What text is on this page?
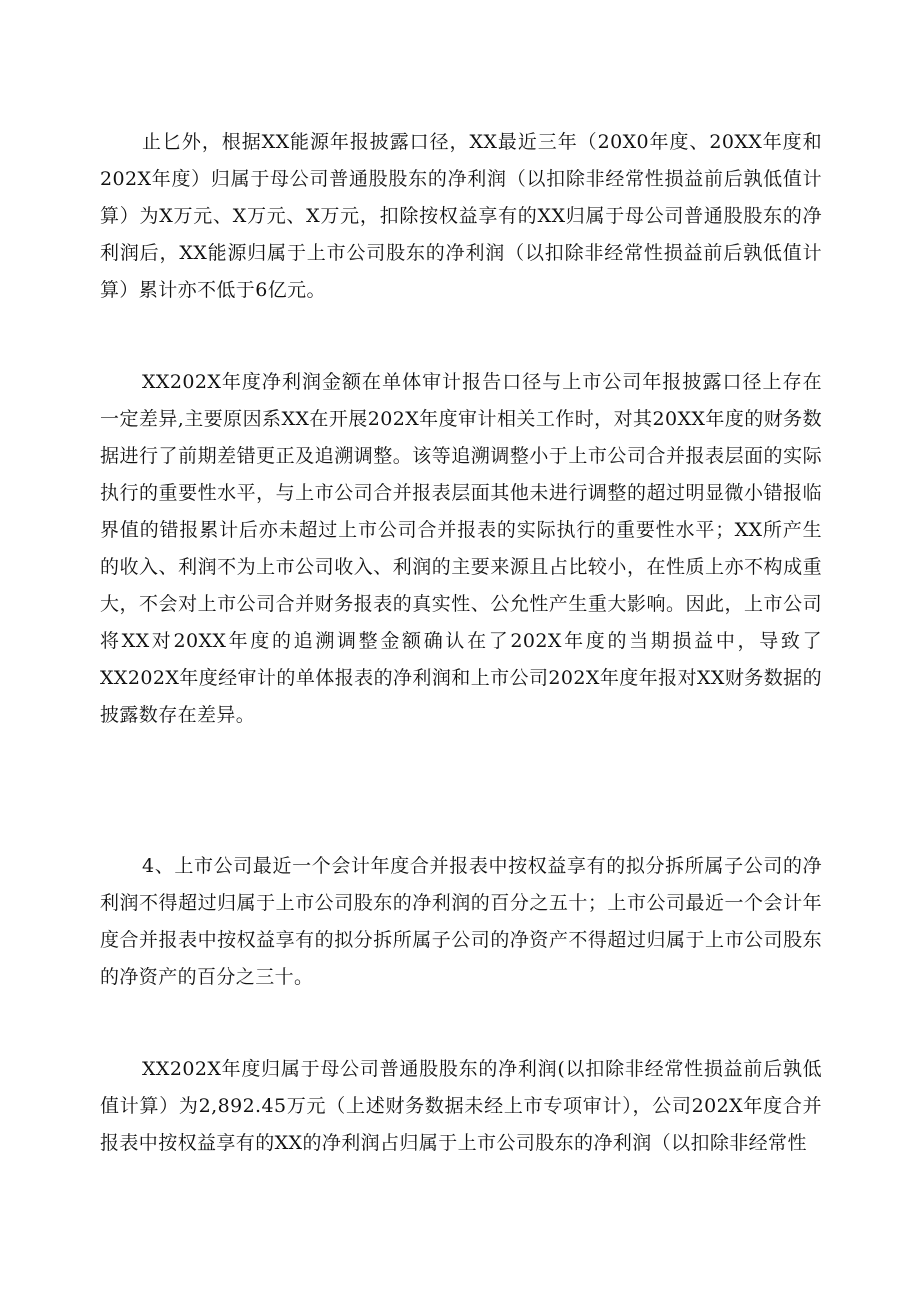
止匕外，根据XX能源年报披露口径，XX最近三年（20X0年度、20XX年度和202X年度）归属于母公司普通股股东的净利润（以扣除非经常性损益前后孰低值计算）为X万元、X万元、X万元，扣除按权益享有的XX归属于母公司普通股股东的净利润后，XX能源归属于上市公司股东的净利润（以扣除非经常性损益前后孰低值计算）累计亦不低于6亿元。

XX202X年度净利润金额在单体审计报告口径与上市公司年报披露口径上存在一定差异,主要原因系XX在开展202X年度审计相关工作时，对其20XX年度的财务数据进行了前期差错更正及追溯调整。该等追溯调整小于上市公司合并报表层面的实际执行的重要性水平，与上市公司合并报表层面其他未进行调整的超过明显微小错报临界值的错报累计后亦未超过上市公司合并报表的实际执行的重要性水平；XX所产生的收入、利润不为上市公司收入、利润的主要来源且占比较小，在性质上亦不构成重大，不会对上市公司合并财务报表的真实性、公允性产生重大影响。因此，上市公司将XX对20XX年度的追溯调整金额确认在了202X年度的当期损益中，导致了XX202X年度经审计的单体报表的净利润和上市公司202X年度年报对XX财务数据的披露数存在差异。

4、上市公司最近一个会计年度合并报表中按权益享有的拟分拆所属子公司的净利润不得超过归属于上市公司股东的净利润的百分之五十；上市公司最近一个会计年度合并报表中按权益享有的拟分拆所属子公司的净资产不得超过归属于上市公司股东的净资产的百分之三十。

XX202X年度归属于母公司普通股股东的净利润(以扣除非经常性损益前后孰低值计算）为2,892.45万元（上述财务数据未经上市专项审计），公司202X年度合并报表中按权益享有的XX的净利润占归属于上市公司股东的净利润（以扣除非经常性
